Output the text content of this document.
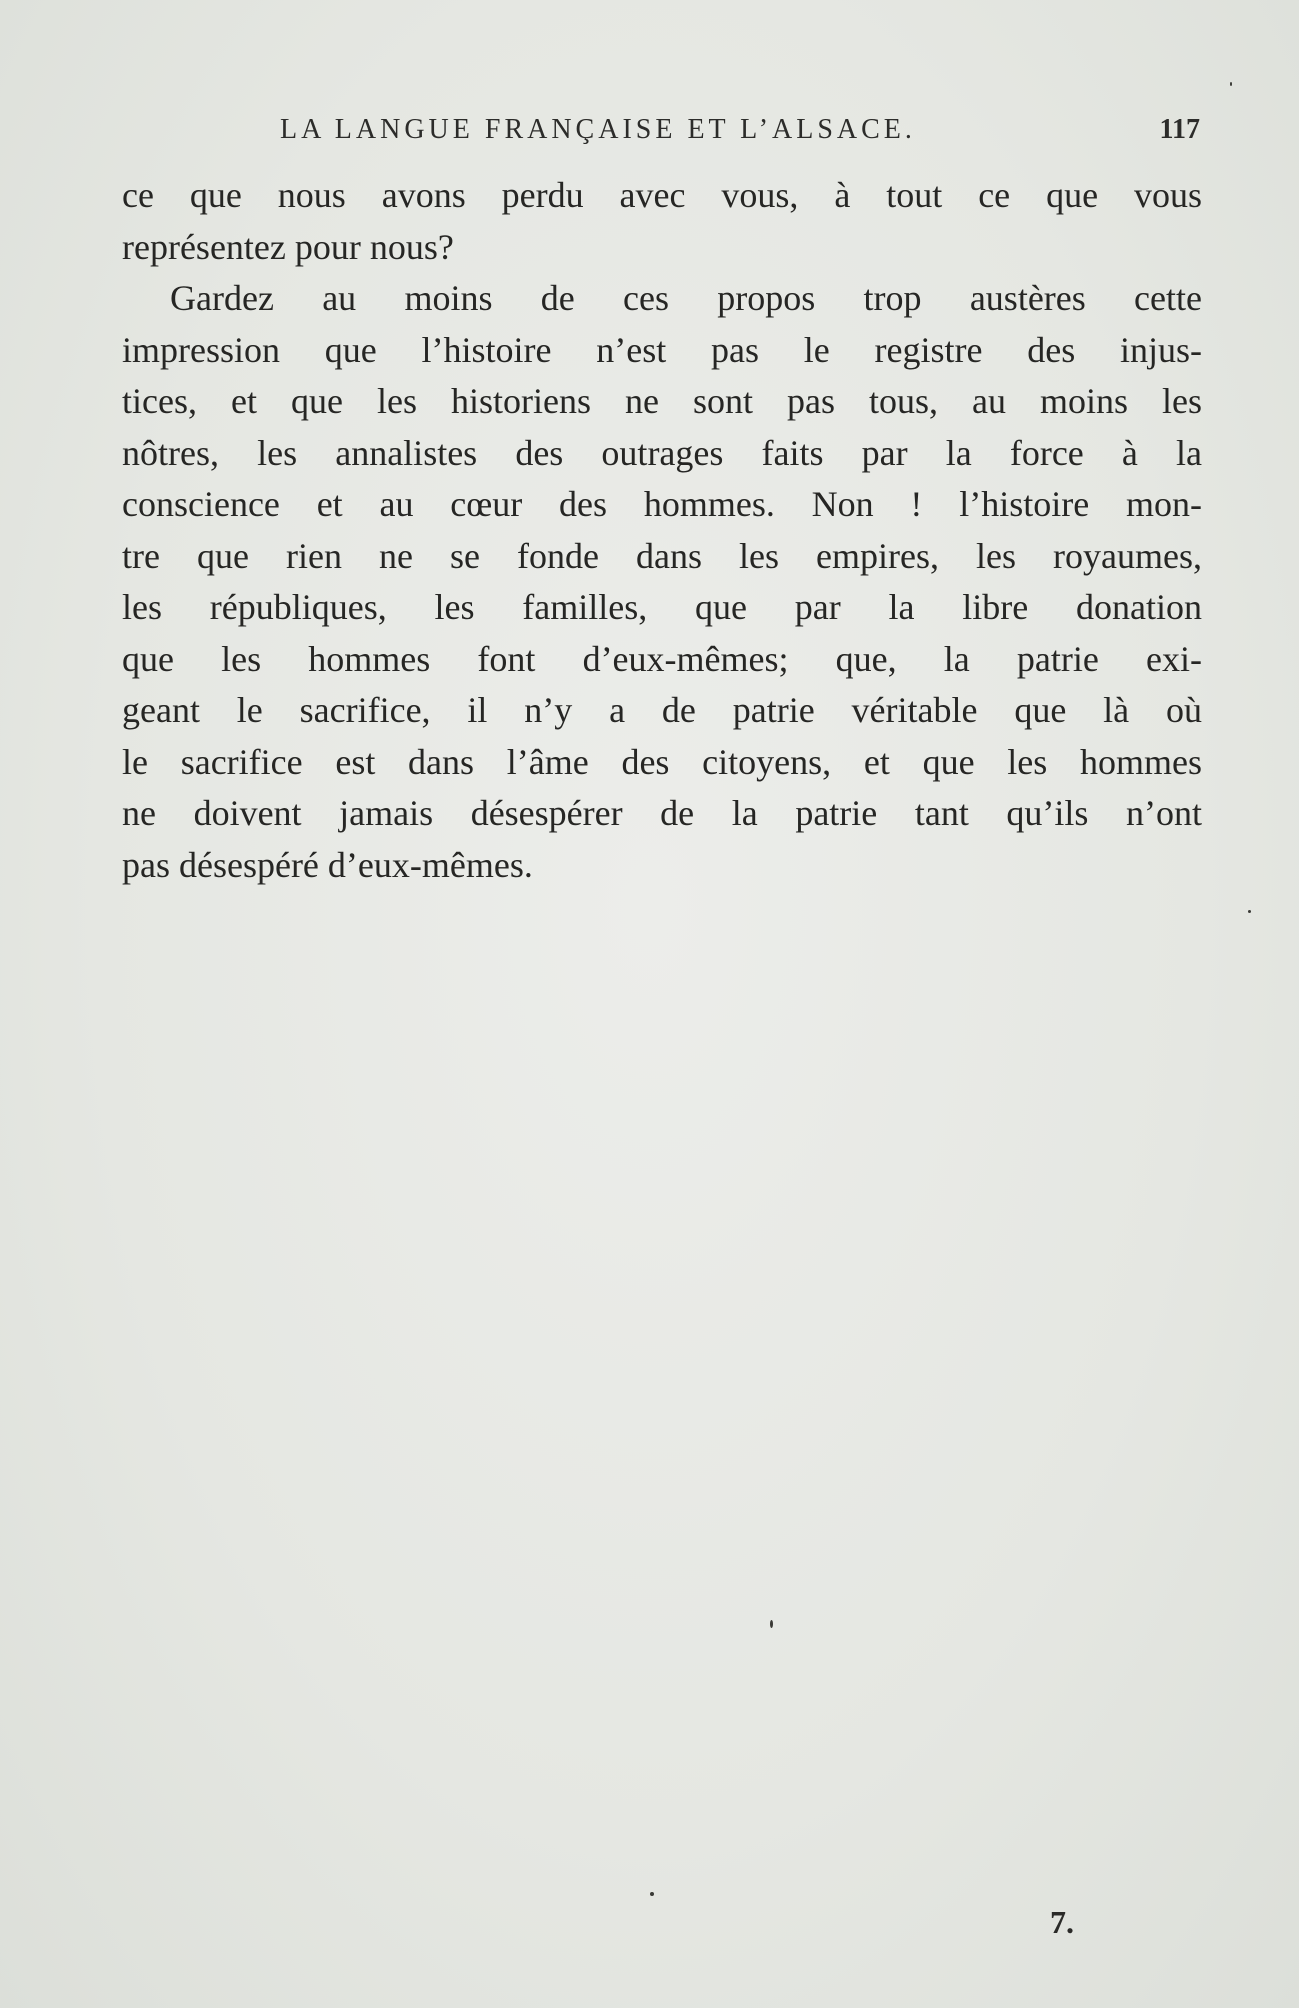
LA LANGUE FRANÇAISE ET L’ALSACE.	117
ce que nous avons perdu avec vous, à tout ce que vous
représentez pour nous?
Gardez au moins de ces propos trop austères cette
impression que l’histoire n’est pas le registre des injus-
tices, et que les historiens ne sont pas tous, au moins les
nôtres, les annalistes des outrages faits par la force à la
conscience et au cœur des hommes. Non ! l’histoire mon-
tre que rien ne se fonde dans les empires, les royaumes,
les républiques, les familles, que par la libre donation
que les hommes font d’eux-mêmes; que, la patrie exi-
geant le sacrifice, il n’y a de patrie véritable que là où
le sacrifice est dans l’âme des citoyens, et que les hommes
ne doivent jamais désespérer de la patrie tant qu’ils n’ont
pas désespéré d’eux-mêmes.
7.
